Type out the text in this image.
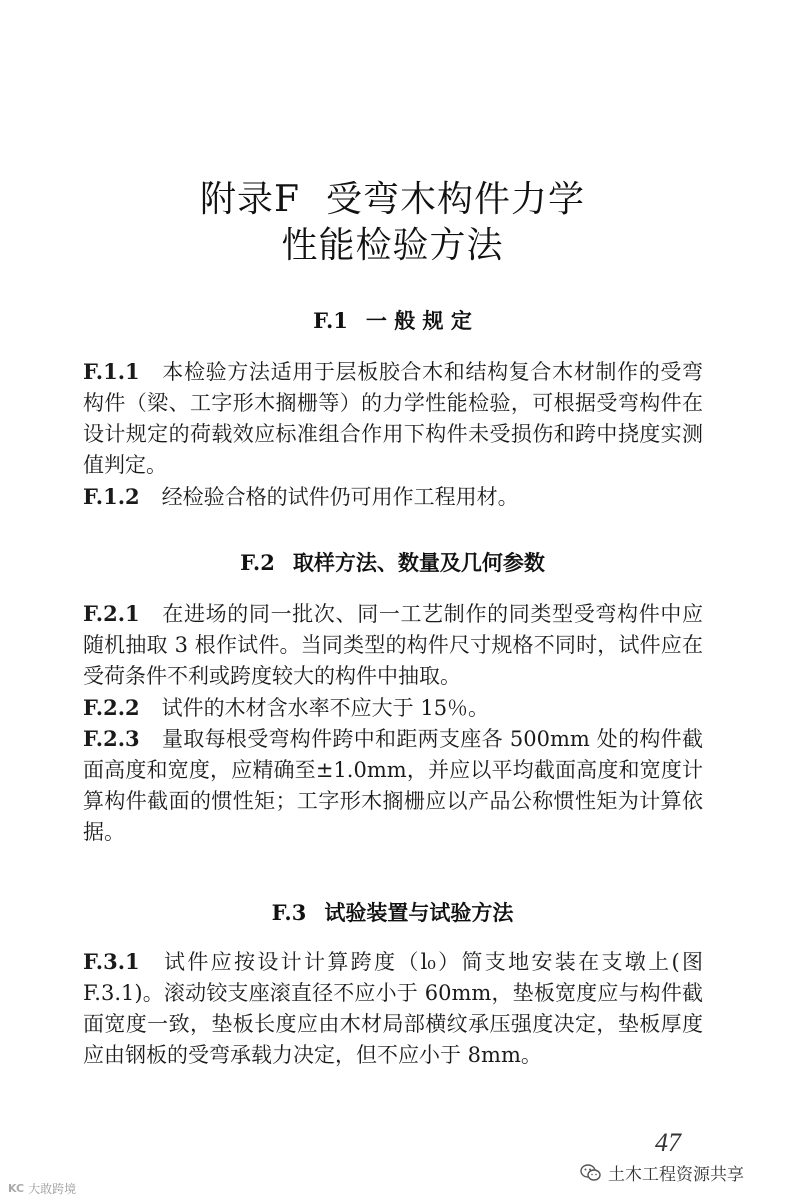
附录F 受弯木构件力学
性能检验方法
F.1 一 般 规 定
F.1.1 本检验方法适用于层板胶合木和结构复合木材制作的受弯构件（梁、工字形木搁栅等）的力学性能检验，可根据受弯构件在设计规定的荷载效应标准组合作用下构件未受损伤和跨中挠度实测值判定。
F.1.2 经检验合格的试件仍可用作工程用材。
F.2 取样方法、数量及几何参数
F.2.1 在进场的同一批次、同一工艺制作的同类型受弯构件中应随机抽取 3 根作试件。当同类型的构件尺寸规格不同时，试件应在受荷条件不利或跨度较大的构件中抽取。
F.2.2 试件的木材含水率不应大于 15％。
F.2.3 量取每根受弯构件跨中和距两支座各 500mm 处的构件截面高度和宽度，应精确至±1.0mm，并应以平均截面高度和宽度计算构件截面的惯性矩；工字形木搁栅应以产品公称惯性矩为计算依据。
F.3 试验装置与试验方法
F.3.1 试件应按设计计算跨度（l₀）简支地安装在支墩上(图 F.3.1)。滚动铰支座滚直径不应小于 60mm，垫板宽度应与构件截面宽度一致，垫板长度应由木材局部横纹承压强度决定，垫板厚度应由钢板的受弯承载力决定，但不应小于 8mm。
47
土木工程资源共享
KC 大敢跨境
